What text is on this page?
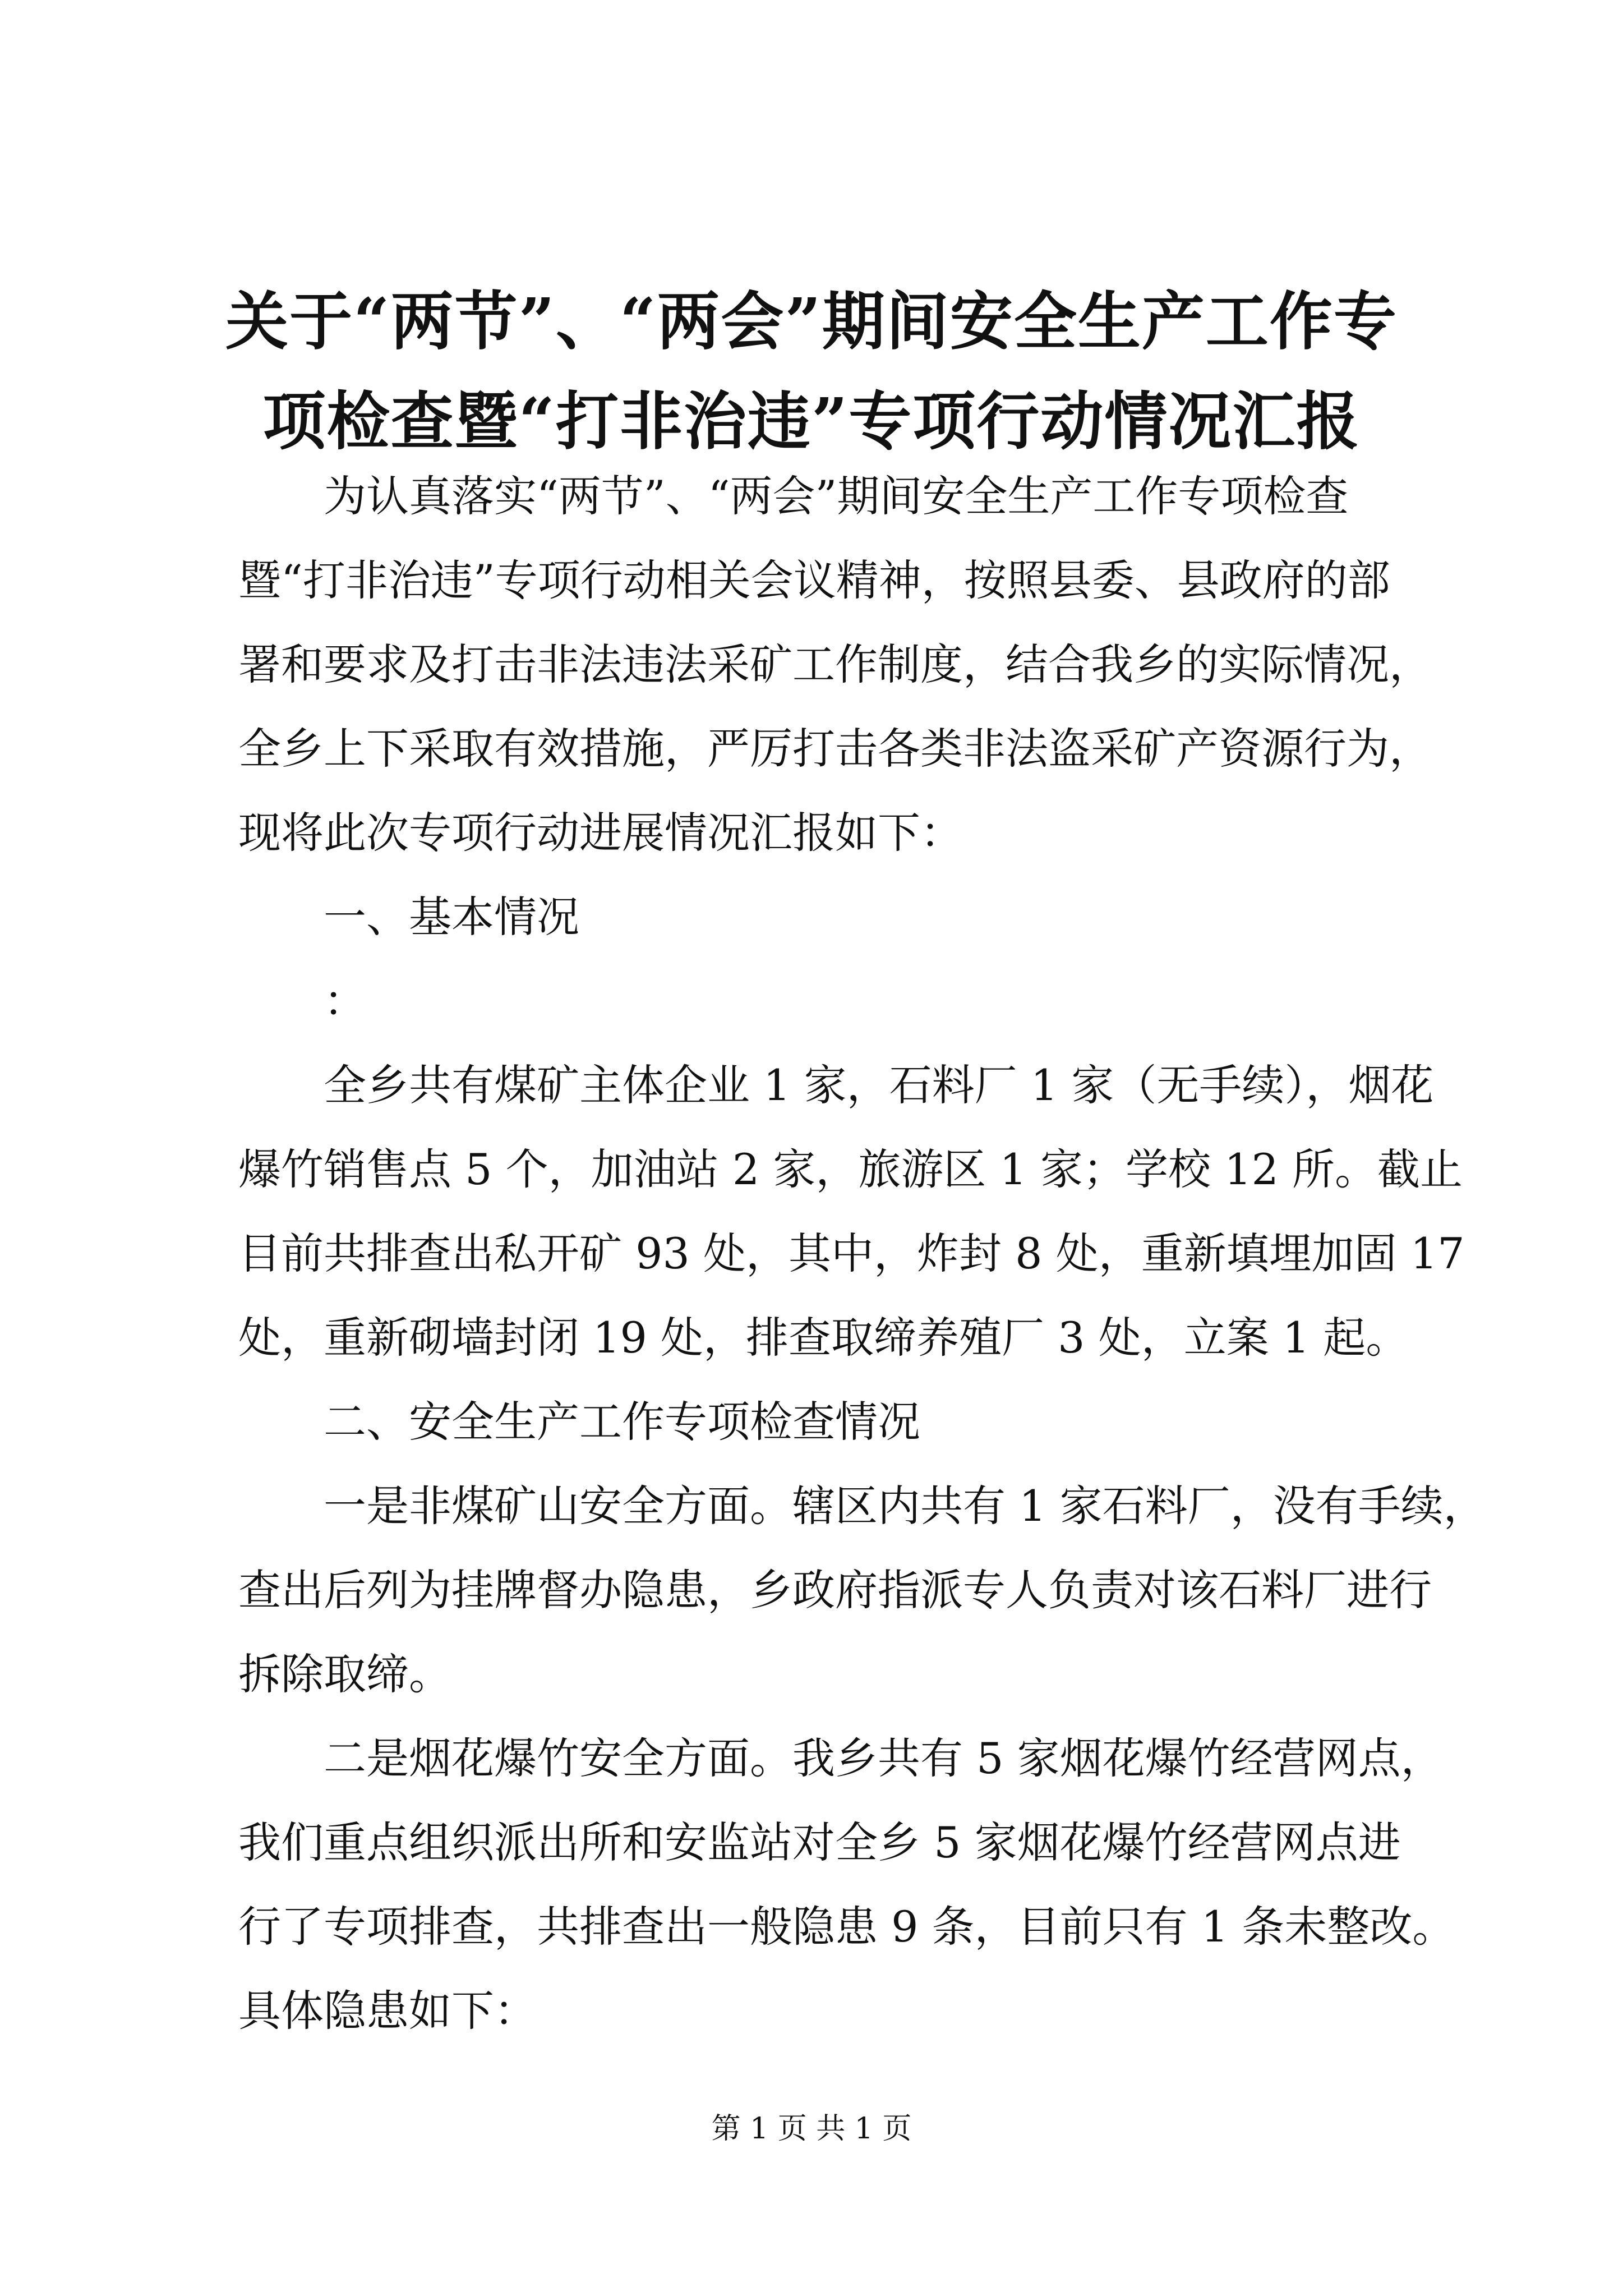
关于“两节”、“两会”期间安全生产工作专
项检查暨“打非治违”专项行动情况汇报

为认真落实“两节”、“两会”期间安全生产工作专项检查
暨“打非治违”专项行动相关会议精神，按照县委、县政府的部
署和要求及打击非法违法采矿工作制度，结合我乡的实际情况，
全乡上下采取有效措施，严厉打击各类非法盗采矿产资源行为，
现将此次专项行动进展情况汇报如下：

一、基本情况

：

全乡共有煤矿主体企业 1 家，石料厂 1 家（无手续），烟花
爆竹销售点 5 个，加油站 2 家，旅游区 1 家；学校 12 所。截止
目前共排查出私开矿 93 处，其中，炸封 8 处，重新填埋加固 17
处，重新砌墙封闭 19 处，排查取缔养殖厂 3 处，立案 1 起。

二、安全生产工作专项检查情况

一是非煤矿山安全方面。辖区内共有 1 家石料厂，没有手续，
查出后列为挂牌督办隐患，乡政府指派专人负责对该石料厂进行
拆除取缔。

二是烟花爆竹安全方面。我乡共有 5 家烟花爆竹经营网点，
我们重点组织派出所和安监站对全乡 5 家烟花爆竹经营网点进
行了专项排查，共排查出一般隐患 9 条，目前只有 1 条未整改。
具体隐患如下：

第 1 页 共 1 页
